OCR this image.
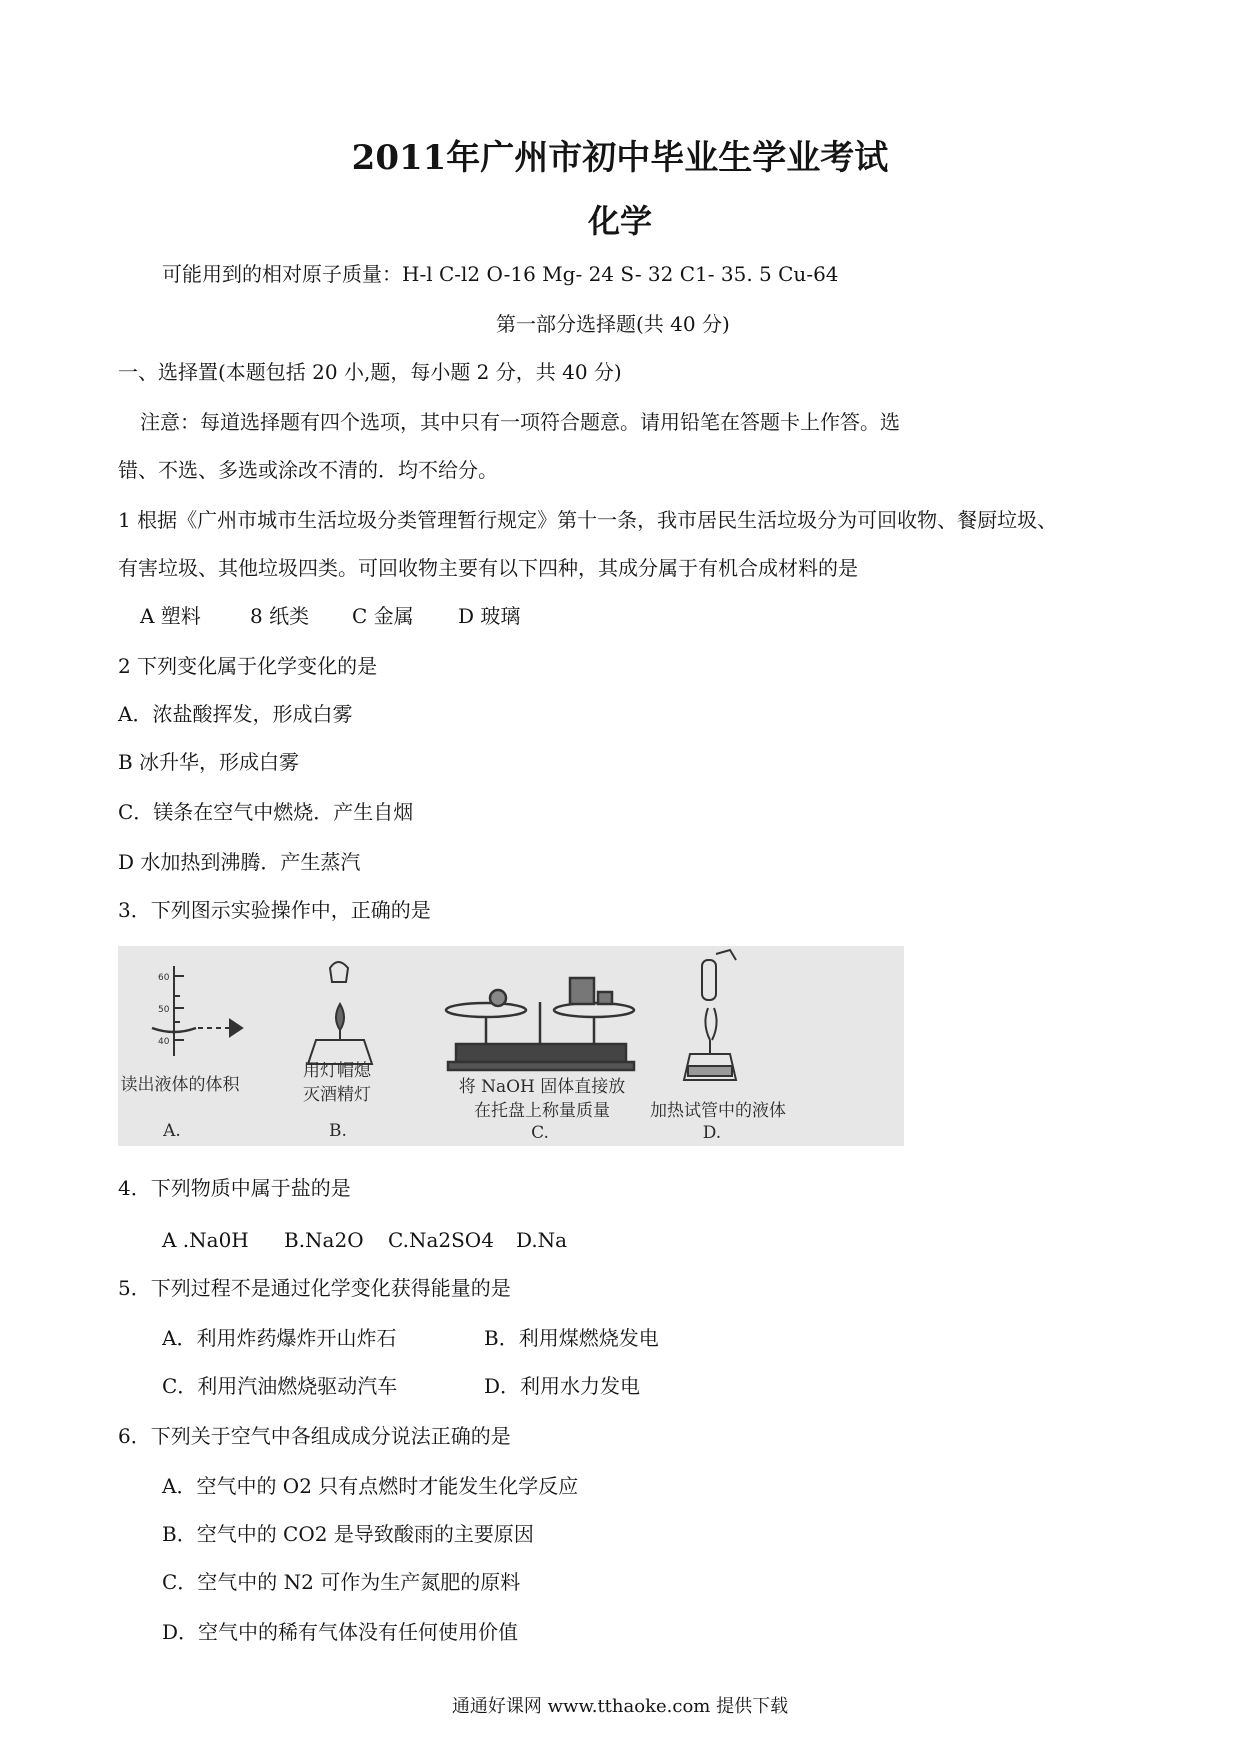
2011年广州市初中毕业生学业考试
化学
可能用到的相对原子质量：H-l C-l2 O-16 Mg- 24 S- 32 C1- 35. 5 Cu-64
第一部分选择题(共 40 分)
一、选择置(本题包括 20 小,题，每小题 2 分，共 40 分)
注意：每道选择题有四个选项，其中只有一项符合题意。请用铅笔在答题卡上作答。选
错、不选、多选或涂改不清的．均不给分。
1 根据《广州市城市生活垃圾分类管理暂行规定》第十一条，我市居民生活垃圾分为可回收物、餐厨垃圾、
有害垃圾、其他垃圾四类。可回收物主要有以下四种，其成分属于有机合成材料的是
A 塑料 8 纸类 C 金属 D 玻璃
2 下列变化属于化学变化的是
A．浓盐酸挥发，形成白雾
B 冰升华，形成白雾
C．镁条在空气中燃烧．产生自烟
D 水加热到沸腾．产生蒸汽
3．下列图示实验操作中，正确的是
60
50
40
读出液体的体积
用灯帽熄
灭酒精灯	将 NaOH 固体直接放
在托盘上称量质量	加热试管中的液体
A.	B.	C.	D.
4．下列物质中属于盐的是
A .Na0H B.Na2O C.Na2SO4 D.Na
5．下列过程不是通过化学变化获得能量的是
A．利用炸药爆炸开山炸石	B．利用煤燃烧发电
C．利用汽油燃烧驱动汽车	D．利用水力发电
6．下列关于空气中各组成成分说法正确的是
A．空气中的 O2 只有点燃时才能发生化学反应
B．空气中的 CO2 是导致酸雨的主要原因
C．空气中的 N2 可作为生产氮肥的原料
D．空气中的稀有气体没有任何使用价值
通通好课网 www.tthaoke.com 提供下载
